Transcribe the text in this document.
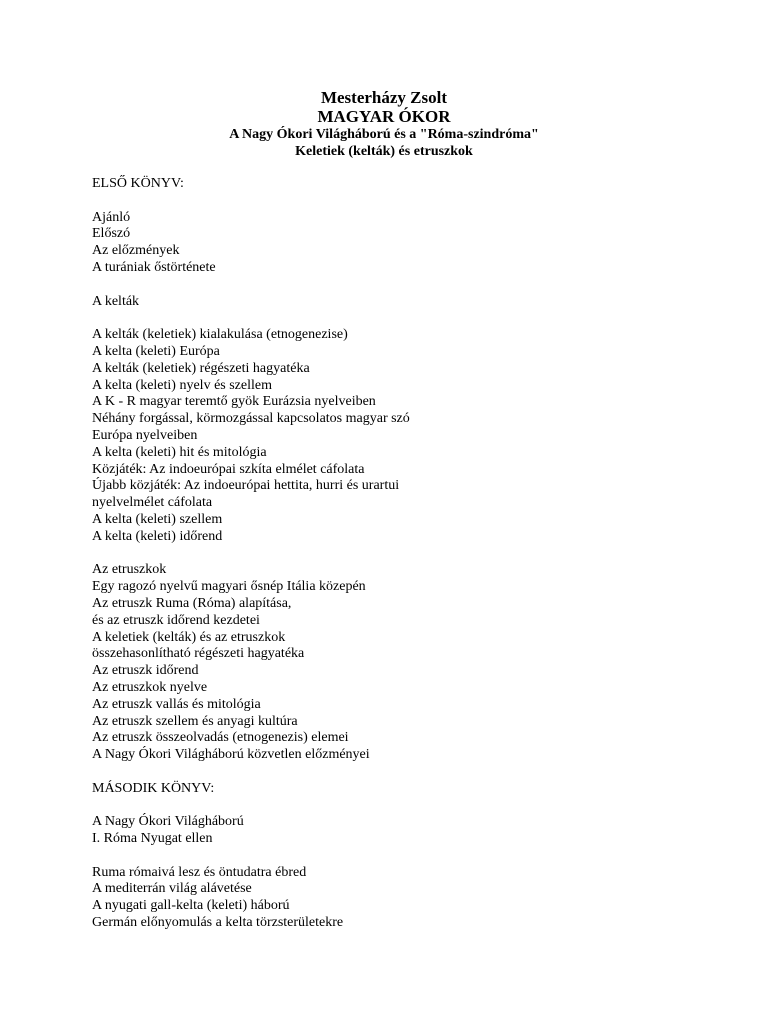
Mesterházy Zsolt
MAGYAR ÓKOR
A Nagy Ókori Világháború és a "Róma-szindróma"
Keletiek (kelták) és etruszkok
ELSŐ KÖNYV:
Ajánló
Előszó
Az előzmények
A turániak őstörténete
A kelták
A kelták (keletiek) kialakulása (etnogenezise)
A kelta (keleti) Európa
A kelták (keletiek) régészeti hagyatéka
A kelta (keleti) nyelv és szellem
A K - R magyar teremtő gyök Eurázsia nyelveiben
Néhány forgással, körmozgással kapcsolatos magyar szó
Európa nyelveiben
A kelta (keleti) hit és mitológia
Közjáték: Az indoeurópai szkíta elmélet cáfolata
Újabb közjáték: Az indoeurópai hettita, hurri és urartui
nyelvelmélet cáfolata
A kelta (keleti) szellem
A kelta (keleti) időrend
Az etruszkok
Egy ragozó nyelvű magyari ősnép Itália közepén
Az etruszk Ruma (Róma) alapítása,
és az etruszk időrend kezdetei
A keletiek (kelták) és az etruszkok
összehasonlítható régészeti hagyatéka
Az etruszk időrend
Az etruszkok nyelve
Az etruszk vallás és mitológia
Az etruszk szellem és anyagi kultúra
Az etruszk összeolvadás (etnogenezis) elemei
A Nagy Ókori Világháború közvetlen előzményei
MÁSODIK KÖNYV:
A Nagy Ókori Világháború
I. Róma Nyugat ellen
Ruma rómaivá lesz és öntudatra ébred
A mediterrán világ alávetése
A nyugati gall-kelta (keleti) háború
Germán előnyomulás a kelta törzsterületekre
